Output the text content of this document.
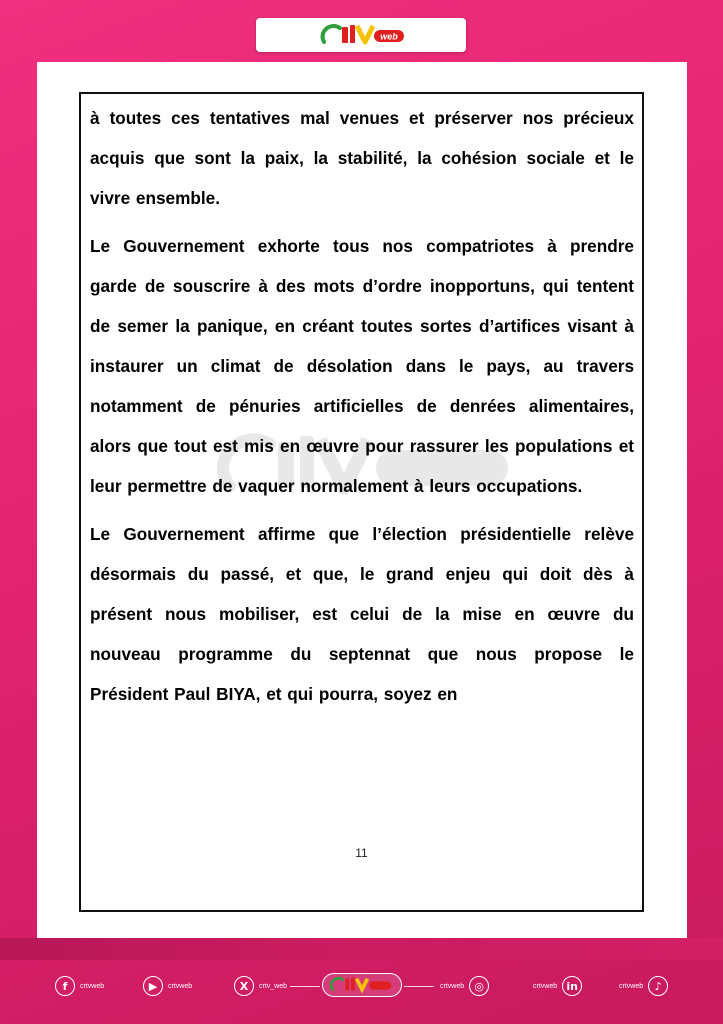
web

à toutes ces tentatives mal venues et préserver nos précieux acquis que sont la paix, la stabilité, la cohésion sociale et le vivre ensemble.

Le Gouvernement exhorte tous nos compatriotes à prendre garde de souscrire à des mots d’ordre inopportuns, qui tentent de semer la panique, en créant toutes sortes d’artifices visant à instaurer un climat de désolation dans le pays, au travers notamment de pénuries artificielles de denrées alimentaires, alors que tout est mis en œuvre pour rassurer les populations et leur permettre de vaquer normalement à leurs occupations.

Le Gouvernement affirme que l’élection présidentielle relève désormais du passé, et que, le grand enjeu qui doit dès à présent nous mobiliser, est celui de la mise en œuvre du nouveau programme du septennat que nous propose le Président Paul BIYA, et qui pourra, soyez en

11
f	crtvweb	▶	crtvweb	X	crtv_web	crtvweb ◎	crtvweb in	crtvweb	♪
